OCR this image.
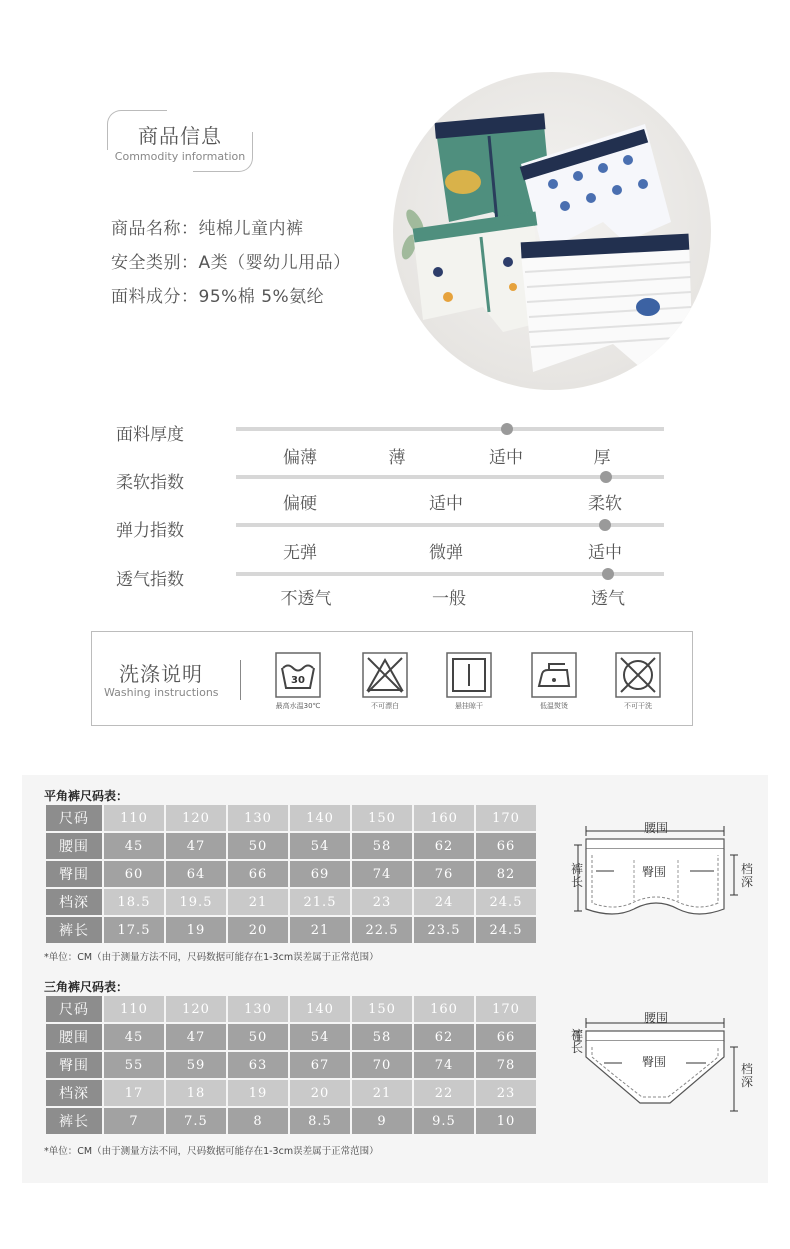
商品信息
Commodity information
商品名称：纯棉儿童内裤
安全类别：A类（婴幼儿用品）
面料成分：95%棉 5%氨纶
面料厚度
偏薄	薄	适中	厚
柔软指数
偏硬	适中	柔软
弹力指数
无弹	微弹	适中
透气指数
不透气	一般	透气
洗涤说明
Washing instructions
30
最高水温30℃	不可漂白	悬挂晾干	低温熨烫	不可干洗
平角裤尺码表：
尺码	110	120	130	140	150	160	170
腰围	45	47	50	54	58	62	66
臀围	60	64	66	69	74	76	82
档深	18.5	19.5	21	21.5	23	24	24.5
裤长	17.5	19	20	21	22.5	23.5	24.5
*单位：CM（由于测量方法不同，尺码数据可能存在1-3cm误差属于正常范围）
腰围
臀围
裤长
档深
三角裤尺码表：
尺码	110	120	130	140	150	160	170
腰围	45	47	50	54	58	62	66
臀围	55	59	63	67	70	74	78
档深	17	18	19	20	21	22	23
裤长	7	7.5	8	8.5	9	9.5	10
*单位：CM（由于测量方法不同，尺码数据可能存在1-3cm误差属于正常范围）
腰围
臀围
裤长
档深
